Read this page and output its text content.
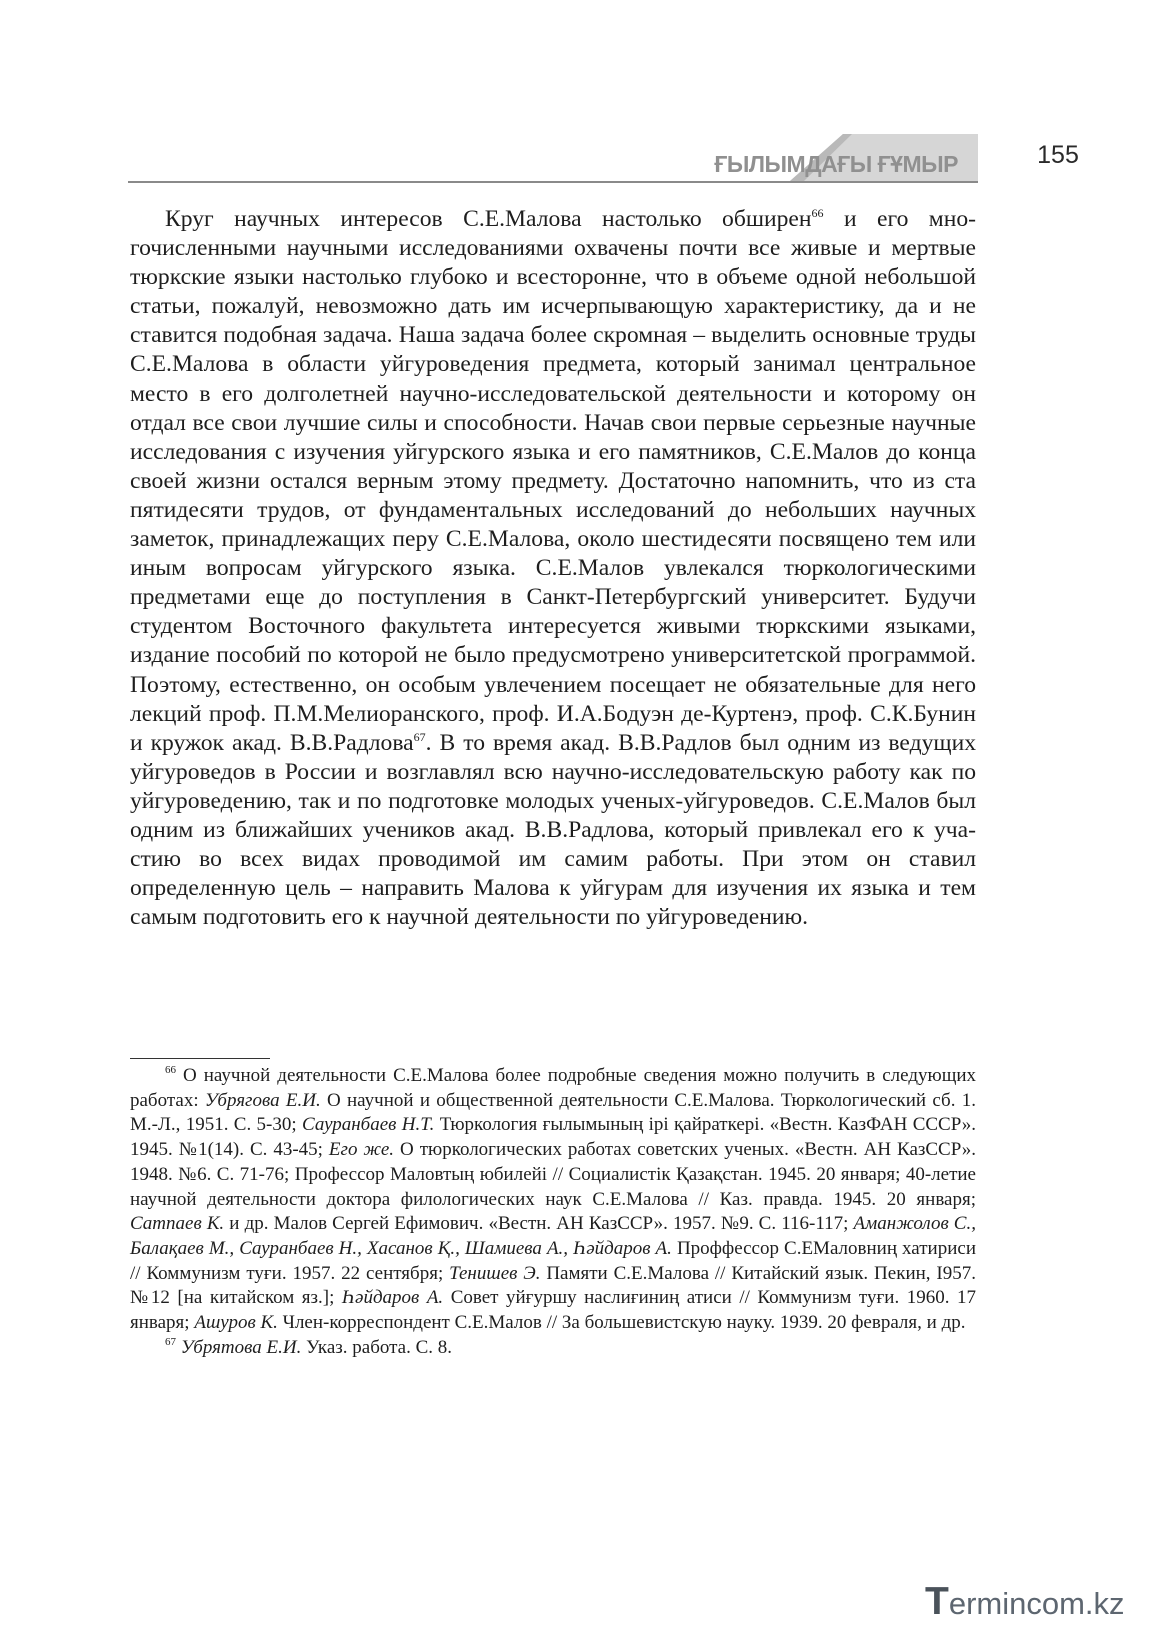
ҒЫЛЫМДАҒЫ ҒҰМЫР	155

Круг научных интересов С.Е.Малова настолько обширен$^{66}$ и его многочисленными научными исследованиями охвачены почти все живые и мертвые тюркские языки настолько глубоко и всесторонне, что в объеме одной небольшой статьи, пожалуй, невозможно дать им исчерпывающую характеристику, да и не ставится подобная задача. Наша задача более скромная – выделить основные труды С.Е.Малова в области уйгуроведения предмета, который занимал центральное место в его долголетней научно-исследовательской деятельности и которому он отдал все свои лучшие силы и способности. Начав свои первые серьезные научные исследования с изучения уйгурского языка и его памятников, С.Е.Малов до конца своей жизни остался верным этому предмету. Достаточно напомнить, что из ста пятидесяти трудов, от фундаментальных исследований до небольших научных заметок, принадлежащих перу С.Е.Малова, около шестидесяти посвящено тем или иным вопросам уйгурского языка. С.Е.Малов увлекался тюркологическими предметами еще до поступления в Санкт-Петербургский университет. Будучи студентом Восточного факультета интересуется живыми тюркскими языками, издание пособий по которой не было предусмотрено университетской программой. Поэтому, естественно, он особым увлечением посещает не обязательные для него лекций проф. П.М.Мелиоранского, проф. И.А.Бодуэн де-Куртенэ, проф. С.К.Бунин и кружок акад. В.В.Радлова$^{67}$. В то время акад. В.В.Радлов был одним из ведущих уйгуроведов в России и возглавлял всю научно-исследовательскую работу как по уйгуроведению, так и по подготовке молодых ученых-уйгуроведов. С.Е.Малов был одним из ближайших учеников акад. В.В.Радлова, который привлекал его к участию во всех видах проводимой им самим работы. При этом он ставил определенную цель – направить Малова к уйгурам для изучения их языка и тем самым подготовить его к научной деятельности по уйгуроведению.

$^{66}$ О научной деятельности С.Е.Малова более подробные сведения можно получить в следующих работах: Убрягова Е.И. О научной и общественной деятельности С.Е.Малова. Тюркологический сб. 1. М.-Л., 1951. С. 5-30; Сауранбаев Н.Т. Тюркология ғылымының ірі қайраткері. «Вестн. КазФАН СССР». 1945. №1(14). С. 43-45; Его же. О тюркологических работах советских ученых. «Вестн. АН КазССР». 1948. №6. С. 71-76; Профессор Маловтың юбилейі // Социалистік Қазақстан. 1945. 20 января; 40-летие научной деятельности доктора филологических наук С.Е.Малова // Каз. правда. 1945. 20 января; Сатпаев К. и др. Малов Сергей Ефимович. «Вестн. АН КазССР». 1957. №9. С. 116-117; Аманжолов С., Балақаев М., Сауранбаев Н., Хасанов Қ., Шамиева А., Һәйдаров А. Проффессор С.ЕМаловниң хатириси // Коммунизм туғи. 1957. 22 сентября; Тенишев Э. Памяти С.Е.Малова // Китайский язык. Пекин, І957. №12 [на китайском яз.]; Һәйдаров А. Совет уйғуршу наслиғиниң атиси // Коммунизм туғи. 1960. 17 января; Ашуров К. Член-корреспондент С.Е.Малов // За большевистскую науку. 1939. 20 февраля, и др.

$^{67}$ Убрятова Е.И. Указ. работа. С. 8.

Termincom.kz
